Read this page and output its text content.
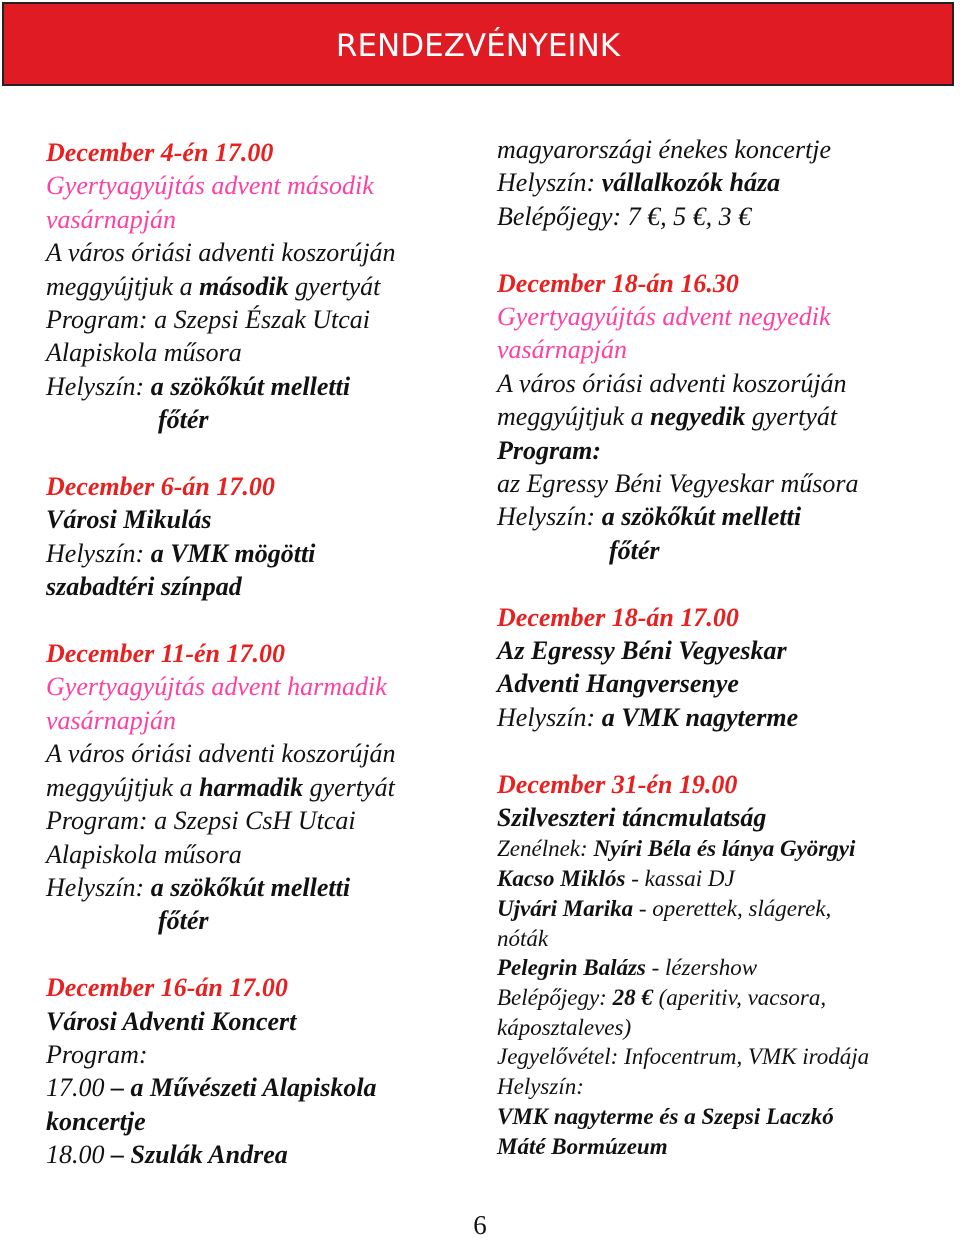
RENDEZVÉNYEINK
December 4-én 17.00
Gyertyagyújtás advent második
vasárnapján
A város óriási adventi koszorúján
meggyújtjuk a második gyertyát
Program: a Szepsi Észak Utcai
Alapiskola műsora
Helyszín: a szökőkút melletti
főtér
December 6-án 17.00
Városi Mikulás
Helyszín: a VMK mögötti
szabadtéri színpad
December 11-én 17.00
Gyertyagyújtás advent harmadik
vasárnapján
A város óriási adventi koszorúján
meggyújtjuk a harmadik gyertyát
Program: a Szepsi CsH Utcai
Alapiskola műsora
Helyszín: a szökőkút melletti
főtér
December 16-án 17.00
Városi Adventi Koncert
Program:
17.00 – a Művészeti Alapiskola
koncertje
18.00 – Szulák Andrea
magyarországi énekes koncertje
Helyszín: vállalkozók háza
Belépőjegy: 7 €, 5 €, 3 €
December 18-án 16.30
Gyertyagyújtás advent negyedik
vasárnapján
A város óriási adventi koszorúján
meggyújtjuk a negyedik gyertyát
Program:
az Egressy Béni Vegyeskar műsora
Helyszín: a szökőkút melletti
főtér
December 18-án 17.00
Az Egressy Béni Vegyeskar
Adventi Hangversenye
Helyszín: a VMK nagyterme
December 31-én 19.00
Szilveszteri táncmulatság
Zenélnek: Nyíri Béla és lánya Györgyi
Kacso Miklós - kassai DJ
Ujvári Marika - operettek, slágerek,
nóták
Pelegrin Balázs - lézershow
Belépőjegy: 28 € (aperitiv, vacsora,
káposztaleves)
Jegyelővétel: Infocentrum, VMK irodája
Helyszín:
VMK nagyterme és a Szepsi Laczkó
Máté Bormúzeum
6
